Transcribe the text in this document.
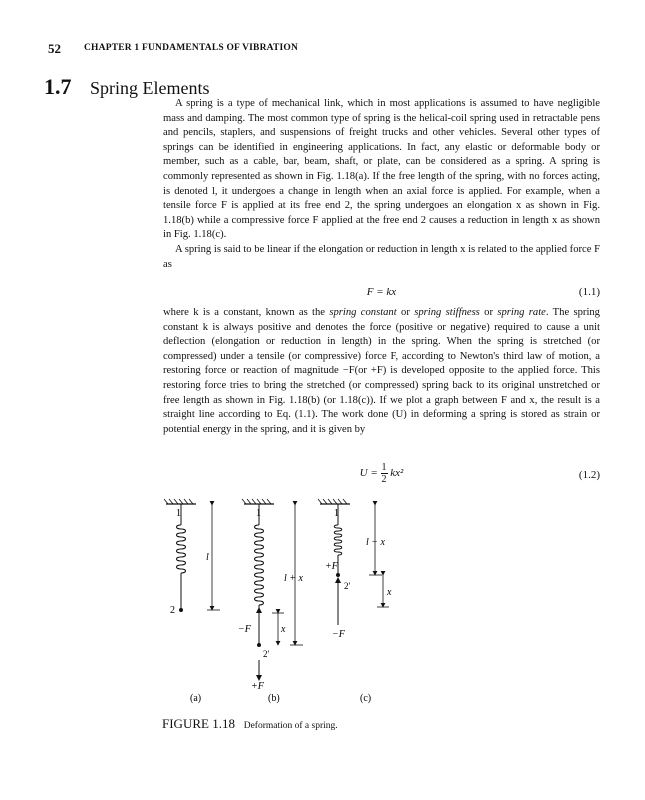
52 CHAPTER 1 FUNDAMENTALS OF VIBRATION
1.7 Spring Elements

A spring is a type of mechanical link, which in most applications is assumed to have negligible mass and damping. The most common type of spring is the helical-coil spring used in retractable pens and pencils, staplers, and suspensions of freight trucks and other vehicles. Several other types of springs can be identified in engineering applications. In fact, any elastic or deformable body or member, such as a cable, bar, beam, shaft, or plate, can be considered as a spring. A spring is commonly represented as shown in Fig. 1.18(a). If the free length of the spring, with no forces acting, is denoted l, it undergoes a change in length when an axial force is applied. For example, when a tensile force F is applied at its free end 2, the spring undergoes an elongation x as shown in Fig. 1.18(b) while a compressive force F applied at the free end 2 causes a reduction in length x as shown in Fig. 1.18(c).

A spring is said to be linear if the elongation or reduction in length x is related to the applied force F as

F = kx	(1.1)

where k is a constant, known as the spring constant or spring stiffness or spring rate. The spring constant k is always positive and denotes the force (positive or negative) required to cause a unit deflection (elongation or reduction in length) in the spring. When the spring is stretched (or compressed) under a tensile (or compressive) force F, according to Newton's third law of motion, a restoring force or reaction of magnitude −F(or +F) is developed opposite to the applied force. This restoring force tries to bring the stretched (or compressed) spring back to its original unstretched or free length as shown in Fig. 1.18(b) (or 1.18(c)). If we plot a graph between F and x, the result is a straight line according to Eq. (1.1). The work done (U) in deforming a spring is stored as strain or potential energy in the spring, and it is given by

$U = \frac{1}{2} kx^2$	(1.2)
1
2
l
1
−F
2′
+F
l + x
x
1
+F
2′
−F
l − x
x
(a)	(b)	(c)
FIGURE 1.18 Deformation of a spring.
